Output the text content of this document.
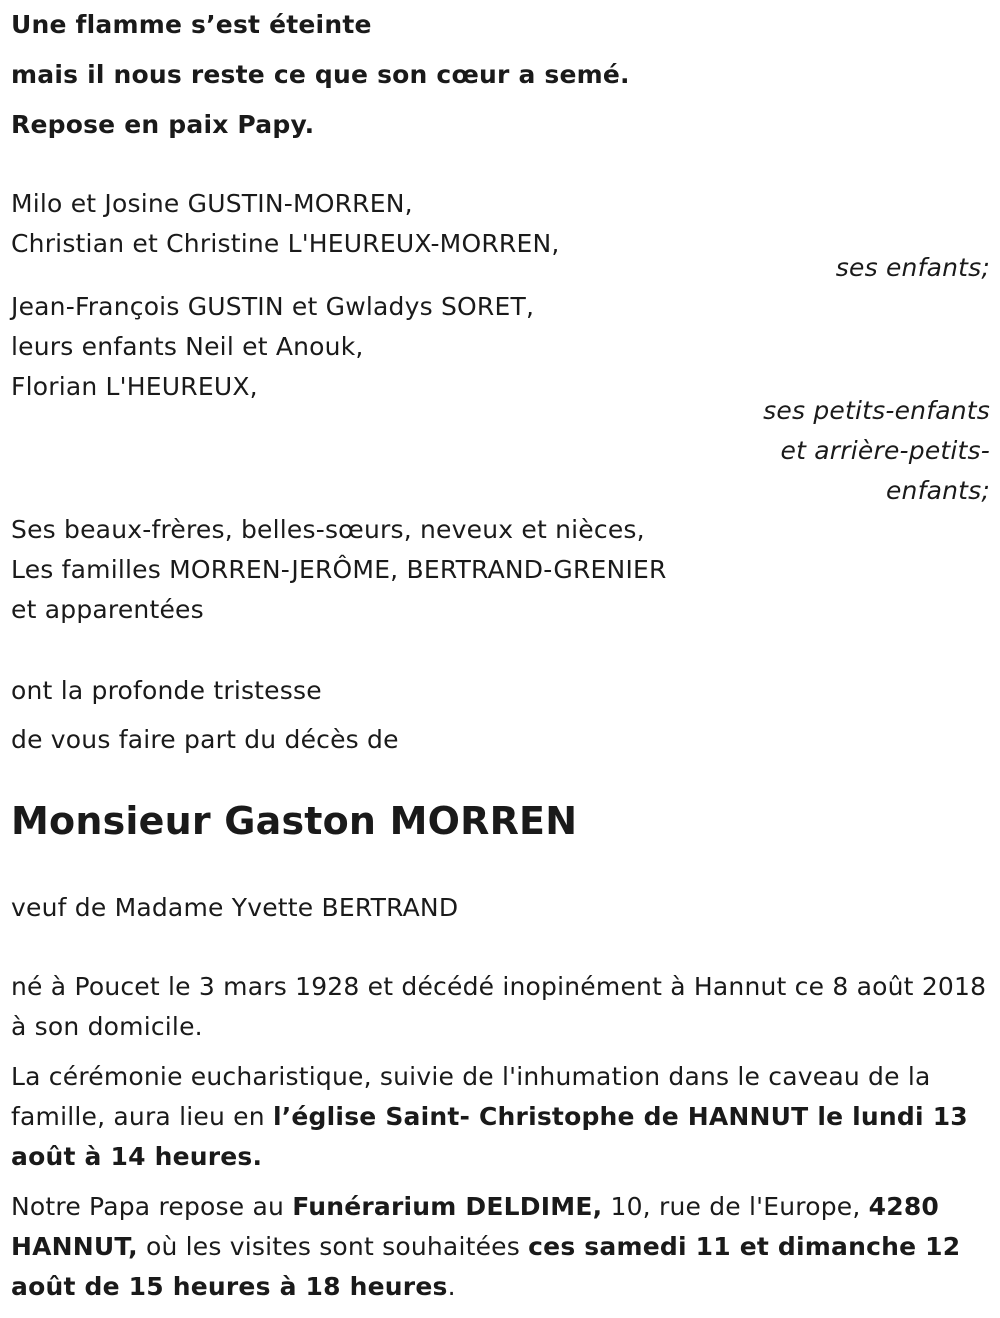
Une flamme s’est éteinte
mais il nous reste ce que son cœur a semé.
Repose en paix Papy.
Milo et Josine GUSTIN-MORREN,
Christian et Christine L'HEUREUX-MORREN,
ses enfants;
Jean-François GUSTIN et Gwladys SORET,
leurs enfants Neil et Anouk,
Florian L'HEUREUX,
ses petits-enfants
et arrière-petits-
enfants;
Ses beaux-frères, belles-sœurs, neveux et nièces,
Les familles MORREN-JERÔME, BERTRAND-GRENIER
et apparentées
ont la profonde tristesse
de vous faire part du décès de
Monsieur Gaston MORREN
veuf de Madame Yvette BERTRAND
né à Poucet le 3 mars 1928 et décédé inopinément à Hannut ce 8 août 2018 à son domicile.
La cérémonie eucharistique, suivie de l'inhumation dans le caveau de la famille, aura lieu en l’église Saint- Christophe de HANNUT le lundi 13 août à 14 heures.
Notre Papa repose au Funérarium DELDIME, 10, rue de l'Europe, 4280 HANNUT, où les visites sont souhaitées ces samedi 11 et dimanche 12 août de 15 heures à 18 heures.
